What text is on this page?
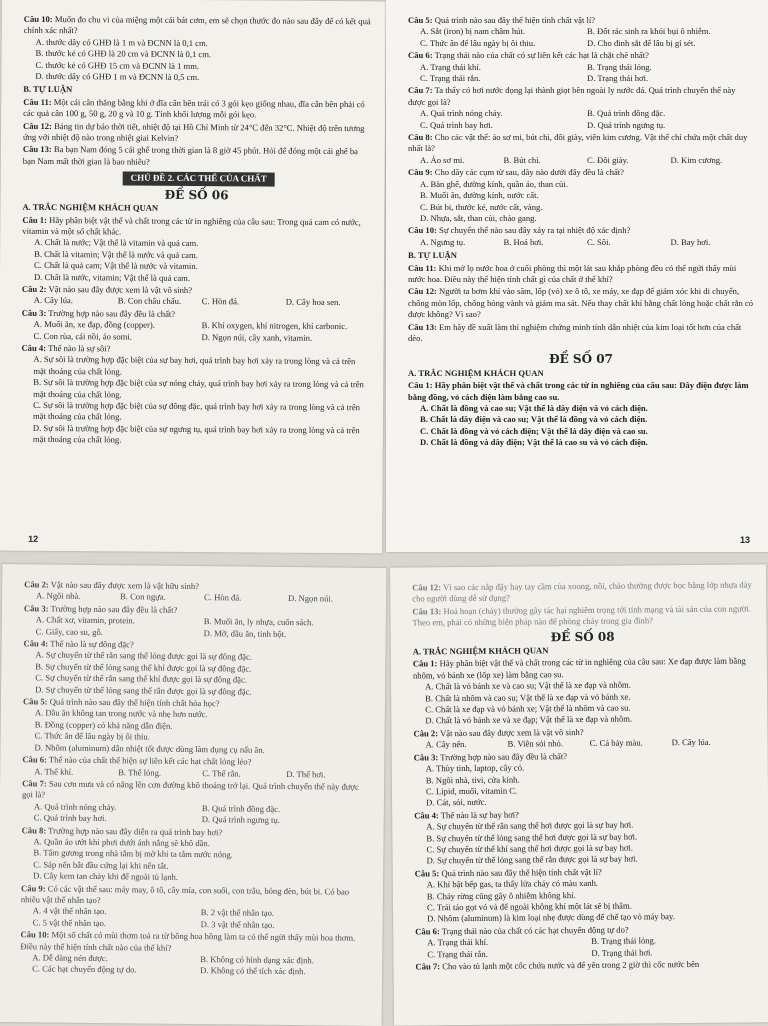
Câu 10: Muốn đo chu vi của miệng một cái bát cơm, em sẽ chọn thước đo nào sau đây để có kết quả chính xác nhất?
A. thước dây có GHĐ là 1 m và ĐCNN là 0,1 cm.
B. thước kẻ có GHĐ là 20 cm và ĐCNN là 0,1 cm.
C. thước kẻ có GHĐ 15 cm và ĐCNN là 1 mm.
D. thước dây có GHĐ 1 m và ĐCNN là 0,5 cm.
B. TỰ LUẬN
Câu 11: Một cái cân thăng bằng khi ở đĩa cân bên trái có 3 gói kẹo giống nhau, đĩa cân bên phải có các quả cân 100 g, 50 g, 20 g và 10 g. Tính khối lượng mỗi gói kẹo.
Câu 12: Bảng tin dự báo thời tiết, nhiệt độ tại Hồ Chí Minh từ 24°C đến 32°C. Nhiệt độ trên tương ứng với nhiệt độ nào trong nhiệt giai Kelvin?
Câu 13: Ba bạn Nam đóng 5 cái ghế trong thời gian là 8 giờ 45 phút. Hỏi để đóng một cái ghế ba bạn Nam mất thời gian là bao nhiêu?
CHỦ ĐỀ 2. CÁC THỂ CỦA CHẤT
ĐỀ SỐ 06
A. TRẮC NGHIỆM KHÁCH QUAN
Câu 1: Hãy phân biệt vật thể và chất trong các từ in nghiêng của câu sau: Trong quả cam có nước, vitamin và một số chất khác.
A. Chất là nước; Vật thể là vitamin và quả cam.
B. Chất là vitamin; Vật thể là nước và quả cam.
C. Chất là quả cam; Vật thể là nước và vitamin.
D. Chất là nước, vitamin; Vật thể là quả cam.
Câu 2: Vật nào sau đây được xem là vật vô sinh?
A. Cây lúa.	B. Con châu chấu.	C. Hòn đá.	D. Cây hoa sen.
Câu 3: Trường hợp nào sau đây đều là chất?
A. Muối ăn, xe đạp, đồng (copper).	B. Khí oxygen, khí nitrogen, khí carbonic.
C. Con rùa, cái nồi, áo somi.	D. Ngọn núi, cây xanh, vitamin.
Câu 4: Thế nào là sự sôi?
A. Sự sôi là trường hợp đặc biệt của sự bay hơi, quá trình bay hơi xảy ra trong lòng và cả trên mặt thoáng của chất lỏng.
B. Sự sôi là trường hợp đặc biệt của sự nóng chảy, quá trình bay hơi xảy ra trong lòng và cả trên mặt thoáng của chất lỏng.
C. Sự sôi là trường hợp đặc biệt của sự đông đặc, quá trình bay hơi xảy ra trong lòng và cả trên mặt thoáng của chất lỏng.
D. Sự sôi là trường hợp đặc biệt của sự ngưng tụ, quá trình bay hơi xảy ra trong lòng và cả trên mặt thoáng của chất lỏng.
12
Câu 5: Quá trình nào sau đây thể hiện tính chất vật lí?
A. Sắt (iron) bị nam châm hút.	B. Đốt rác sinh ra khói bụi ô nhiễm.
C. Thức ăn để lâu ngày bị ôi thiu.	D. Cho đinh sắt để lâu bị gỉ sét.
Câu 6: Trạng thái nào của chất có sự liên kết các hạt là chặt chẽ nhất?
A. Trạng thái khí.	B. Trạng thái lỏng.
C. Trạng thái rắn.	D. Trạng thái hơi.
Câu 7: Ta thấy có hơi nước đọng lại thành giọt bên ngoài ly nước đá. Quá trình chuyển thể này được gọi là?
A. Quá trình nóng chảy.	B. Quá trình đông đặc.
C. Quá trình bay hơi.	D. Quá trình ngưng tụ.
Câu 8: Cho các vật thể: áo sơ mi, bút chì, đôi giày, viên kim cương. Vật thể chỉ chứa một chất duy nhất là?
A. Áo sơ mi.	B. Bút chì.	C. Đôi giày.	D. Kim cương.
Câu 9: Cho dãy các cụm từ sau, dãy nào dưới đây đều là chất?
A. Bàn ghế, đường kính, quần áo, than củi.
B. Muối ăn, đường kính, nước cất.
C. Bút bi, thước kẻ, nước cất, vàng.
D. Nhựa, sắt, than củi, chảo gang.
Câu 10: Sự chuyển thể nào sau đây xảy ra tại nhiệt độ xác định?
A. Ngưng tụ.	B. Hoá hơi.	C. Sôi.	D. Bay hơi.
B. TỰ LUẬN
Câu 11: Khi mở lọ nước hoa ở cuối phòng thì một lát sau khắp phòng đều có thể ngửi thấy mùi nước hoa. Điều này thể hiện tính chất gì của chất ở thể khí?
Câu 12: Người ta bơm khí vào săm, lốp (vỏ) xe ô tô, xe máy, xe đạp để giảm xóc khi di chuyển, chống mòn lốp, chống hỏng vành và giảm ma sát. Nếu thay chất khí bằng chất lỏng hoặc chất rắn có được không? Vì sao?
Câu 13: Em hãy đề xuất làm thí nghiệm chứng minh tính dẫn nhiệt của kim loại tốt hơn của chất dẻo.
ĐỀ SỐ 07
A. TRẮC NGHIỆM KHÁCH QUAN
Câu 1: Hãy phân biệt vật thể và chất trong các từ in nghiêng của câu sau: Dây điện được làm bằng đồng, vỏ cách điện làm bằng cao su.
A. Chất là đồng và cao su; Vật thể là dây điện và vỏ cách điện.
B. Chất là dây điện và cao su; Vật thể là đồng và vỏ cách điện.
C. Chất là đồng và vỏ cách điện; Vật thể là dây điện và cao su.
D. Chất là đồng và dây điện; Vật thể là cao su và vỏ cách điện.
13
Câu 2: Vật nào sau đây được xem là vật hữu sinh?
A. Ngôi nhà.	B. Con ngựa.	C. Hòn đá.	D. Ngọn núi.
Câu 3: Trường hợp nào sau đây đều là chất?
A. Chất xơ, vitamin, protein.	B. Muối ăn, ly nhựa, cuốn sách.
C. Giấy, cao su, gỗ.	D. Mỡ, dầu ăn, tinh bột.
Câu 4: Thế nào là sự đông đặc?
A. Sự chuyển từ thể rắn sang thể lỏng được gọi là sự đông đặc.
B. Sự chuyển từ thể lỏng sang thể khí được gọi là sự đông đặc.
C. Sự chuyển từ thể rắn sang thể khí được gọi là sự đông đặc.
D. Sự chuyển từ thể lỏng sang thể rắn được gọi là sự đông đặc.
Câu 5: Quá trình nào sau đây thể hiện tính chất hóa học?
A. Dầu ăn không tan trong nước và nhẹ hơn nước.
B. Đồng (copper) có khả năng dẫn điện.
C. Thức ăn để lâu ngày bị ôi thiu.
D. Nhôm (aluminum) dẫn nhiệt tốt được dùng làm dụng cụ nấu ăn.
Câu 6: Thể nào của chất thể hiện sự liên kết các hạt chất lỏng lẻo?
A. Thể khí.	B. Thể lỏng.	C. Thể rắn.	D. Thể hơi.
Câu 7: Sau cơn mưa và có nắng lên cơn đường khô thoáng trở lại. Quá trình chuyển thể này được gọi là?
A. Quá trình nóng chảy.	B. Quá trình đông đặc.
C. Quá trình bay hơi.	D. Quá trình ngưng tụ.
Câu 8: Trường hợp nào sau đây diễn ra quá trình bay hơi?
A. Quần áo ướt khi phơi dưới ánh nắng sẽ khô dần.
B. Tấm gương trong nhà tắm bị mờ khi ta tắm nước nóng.
C. Sáp nến bắt đầu cứng lại khi nến tắt.
D. Cây kem tan chảy khi để ngoài tủ lạnh.
Câu 9: Có các vật thể sau: máy may, ô tô, cây mía, con suối, con trâu, bóng đèn, bút bi. Có bao nhiêu vật thể nhân tạo?
A. 4 vật thể nhân tạo.	B. 2 vật thể nhân tạo.
C. 5 vật thể nhân tạo.	D. 3 vật thể nhân tạo.
Câu 10: Một số chất có mùi thơm toả ra từ bông hoa hồng làm ta có thể ngửi thấy mùi hoa thơm. Điều này thể hiện tính chất nào của thể khí?
A. Dễ dàng nén được.	B. Không có hình dạng xác định.
C. Các hạt chuyển động tự do.	D. Không có thể tích xác định.
Câu 12: Vì sao các nắp đậy hay tay cầm của xoong, nồi, chảo thường được bọc bằng lớp nhựa dày cho người dùng dễ sử dụng?
Câu 13: Hoả hoạn (cháy) thường gây tác hại nghiêm trọng tới tính mạng và tài sản của con người. Theo em, phải có những biện pháp nào để phòng cháy trong gia đình?
ĐỀ SỐ 08
A. TRẮC NGHIỆM KHÁCH QUAN
Câu 1: Hãy phân biệt vật thể và chất trong các từ in nghiêng của câu sau: Xe đạp được làm bằng nhôm, vỏ bánh xe (lốp xe) làm bằng cao su.
A. Chất là vỏ bánh xe và cao su; Vật thể là xe đạp và nhôm.
B. Chất là nhôm và cao su; Vật thể là xe đạp và vỏ bánh xe.
C. Chất là xe đạp và vỏ bánh xe; Vật thể là nhôm và cao su.
D. Chất là vỏ bánh xe và xe đạp; Vật thể là xe đạp và nhôm.
Câu 2: Vật nào sau đây được xem là vật vô sinh?
A. Cây nến.	B. Viên sỏi nhỏ.	C. Cá bảy màu.	D. Cây lúa.
Câu 3: Trường hợp nào sau đây đều là chất?
A. Thùy tinh, laptop, cây cỏ.
B. Ngôi nhà, tivi, cửa kính.
C. Lipid, muối, vitamin C.
D. Cát, sỏi, nước.
Câu 4: Thế nào là sự bay hơi?
A. Sự chuyển từ thể rắn sang thể hơi được gọi là sự bay hơi.
B. Sự chuyển từ thể lỏng sang thể hơi được gọi là sự bay hơi.
C. Sự chuyển từ thể khí sang thể hơi được gọi là sự bay hơi.
D. Sự chuyển từ thể lỏng sang thể rắn được gọi là sự bay hơi.
Câu 5: Quá trình nào sau đây thể hiện tính chất vật lí?
A. Khí bật bếp gas, ta thấy lửa cháy có màu xanh.
B. Cháy rừng cũng gây ô nhiễm không khí.
C. Trái táo gọt vỏ và để ngoài không khí một lát sẽ bị thâm.
D. Nhôm (aluminum) là kim loại nhẹ được dùng để chế tạo vỏ máy bay.
Câu 6: Trạng thái nào của chất có các hạt chuyển động tự do?
A. Trạng thái khí.	B. Trạng thái lỏng.
C. Trạng thái rắn.	D. Trạng thái hơi.
Câu 7: Cho vào tủ lạnh một cốc chứa nước và để yên trong 2 giờ thì cốc nước bên
